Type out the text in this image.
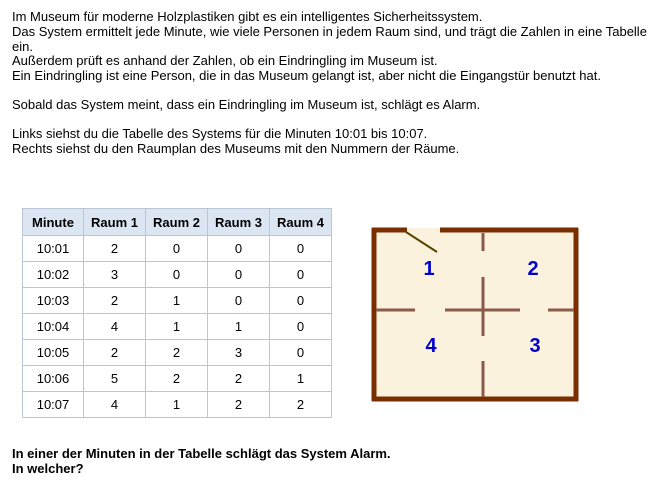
Im Museum für moderne Holzplastiken gibt es ein intelligentes Sicherheitssystem.

Das System ermittelt jede Minute, wie viele Personen in jedem Raum sind, und trägt die Zahlen in eine Tabelle ein.

Außerdem prüft es anhand der Zahlen, ob ein Eindringling im Museum ist.

Ein Eindringling ist eine Person, die in das Museum gelangt ist, aber nicht die Eingangstür benutzt hat.

Sobald das System meint, dass ein Eindringling im Museum ist, schlägt es Alarm.

Links siehst du die Tabelle des Systems für die Minuten 10:01 bis 10:07.

Rechts siehst du den Raumplan des Museums mit den Nummern der Räume.

Minute	Raum 1	Raum 2	Raum 3	Raum 4
10:01	2	0	0	0
10:02	3	0	0	0
10:03	2	1	0	0
10:04	4	1	1	0
10:05	2	2	3	0
10:06	5	2	2	1
10:07	4	1	2	2
1	2
3
4

In einer der Minuten in der Tabelle schlägt das System Alarm.

In welcher?
